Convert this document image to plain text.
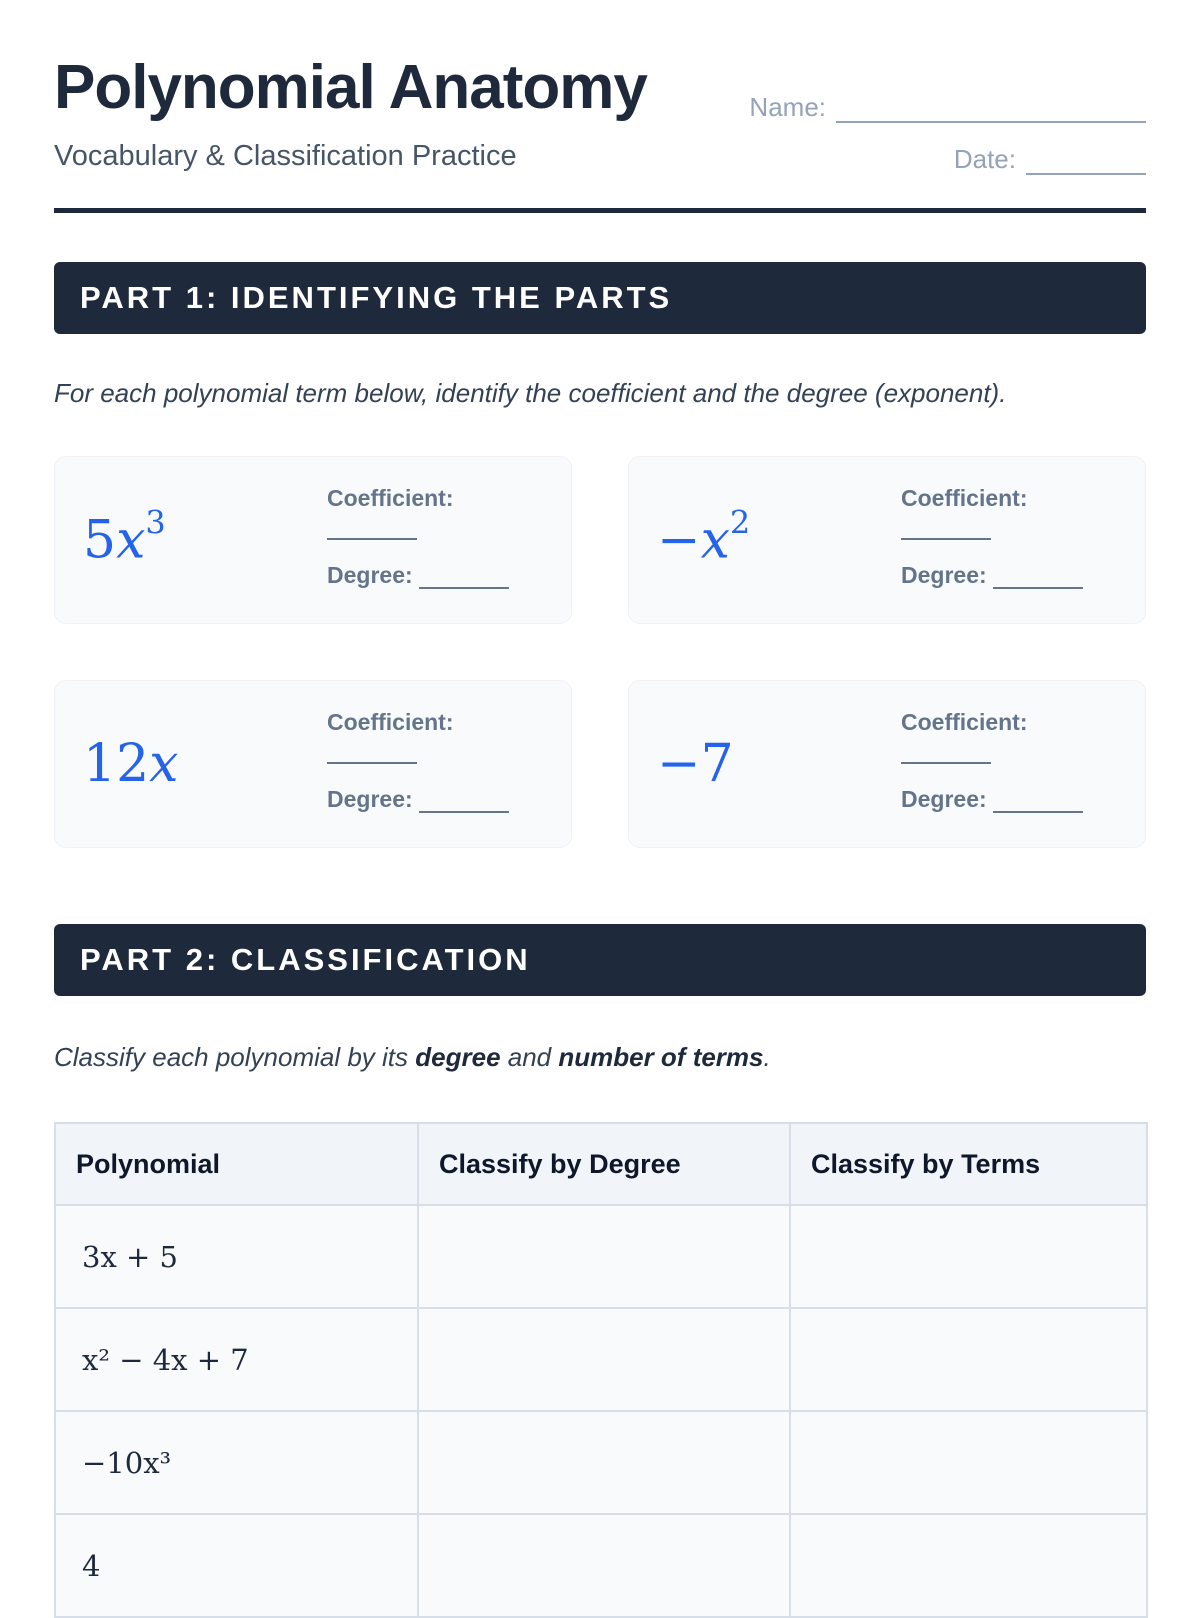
Polynomial Anatomy
Vocabulary & Classification Practice
Name:
Date:
PART 1: IDENTIFYING THE PARTS
For each polynomial term below, identify the coefficient and the degree (exponent).
$5x^3$
Coefficient:
Degree:
$-x^2$
Coefficient:
Degree:
12x
Coefficient:
Degree:
−7
Coefficient:
Degree:
PART 2: CLASSIFICATION
Classify each polynomial by its degree and number of terms.
Polynomial	Classify by Degree	Classify by Terms
3x + 5		
x² − 4x + 7		
−10x³		
4		
